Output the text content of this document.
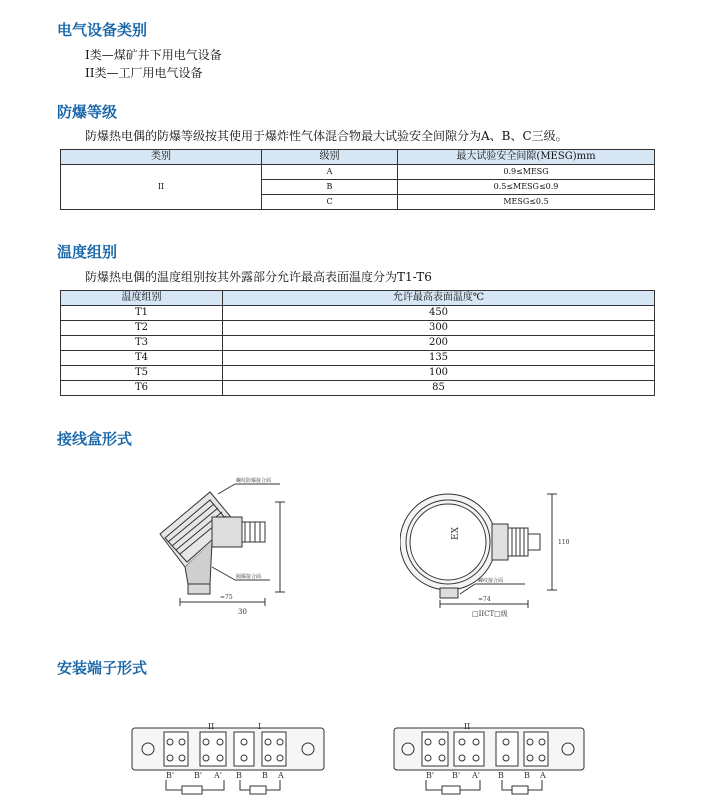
电气设备类别
I类—煤矿井下用电气设备
II类—工厂用电气设备
防爆等级
防爆热电偶的防爆等级按其使用于爆炸性气体混合物最大试验安全间隙分为A、B、C三级。
类别	级别	最大试验安全间隙(MESG)mm
II	A	0.9≤MESG
	B	0.5≤MESG≤0.9
	C	MESG≤0.5
温度组别
防爆热电偶的温度组别按其外露部分允许最高表面温度分为T1-T6
温度组别	允许最高表面温度℃
T1	450
T2	300
T3	200
T4	135
T5	100
T6	85
接线盒形式
螺纹防爆接合面
隔爆接合面
≈75
30
EX
螺纹接合面
≈74
110
□IICT□级
安装端子形式
II	I
B' B' A' B	B A
II
B' B' A' B	B A
